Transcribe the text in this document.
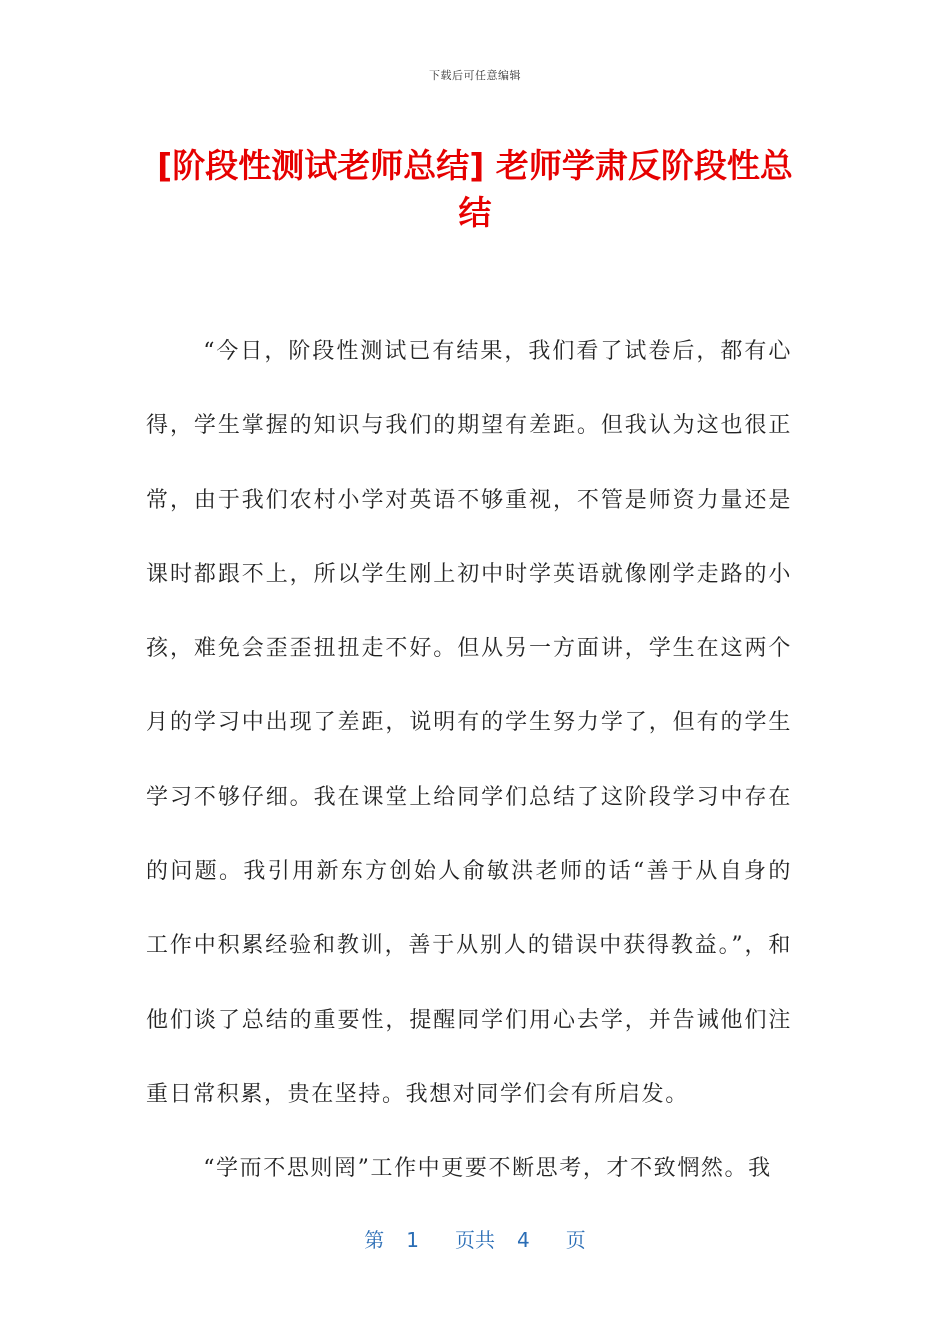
下载后可任意编辑
[阶段性测试老师总结] 老师学肃反阶段性总结

“今日，阶段性测试已有结果，我们看了试卷后，都有心得，学生掌握的知识与我们的期望有差距。但我认为这也很正常，由于我们农村小学对英语不够重视，不管是师资力量还是课时都跟不上，所以学生刚上初中时学英语就像刚学走路的小孩，难免会歪歪扭扭走不好。但从另一方面讲，学生在这两个月的学习中出现了差距，说明有的学生努力学了，但有的学生学习不够仔细。我在课堂上给同学们总结了这阶段学习中存在的问题。我引用新东方创始人俞敏洪老师的话“善于从自身的工作中积累经验和教训，善于从别人的错误中获得教益。”，和他们谈了总结的重要性，提醒同学们用心去学，并告诫他们注重日常积累，贵在坚持。我想对同学们会有所启发。

“学而不思则罔”工作中更要不断思考，才不致惘然。我

第 1 页共 4 页
